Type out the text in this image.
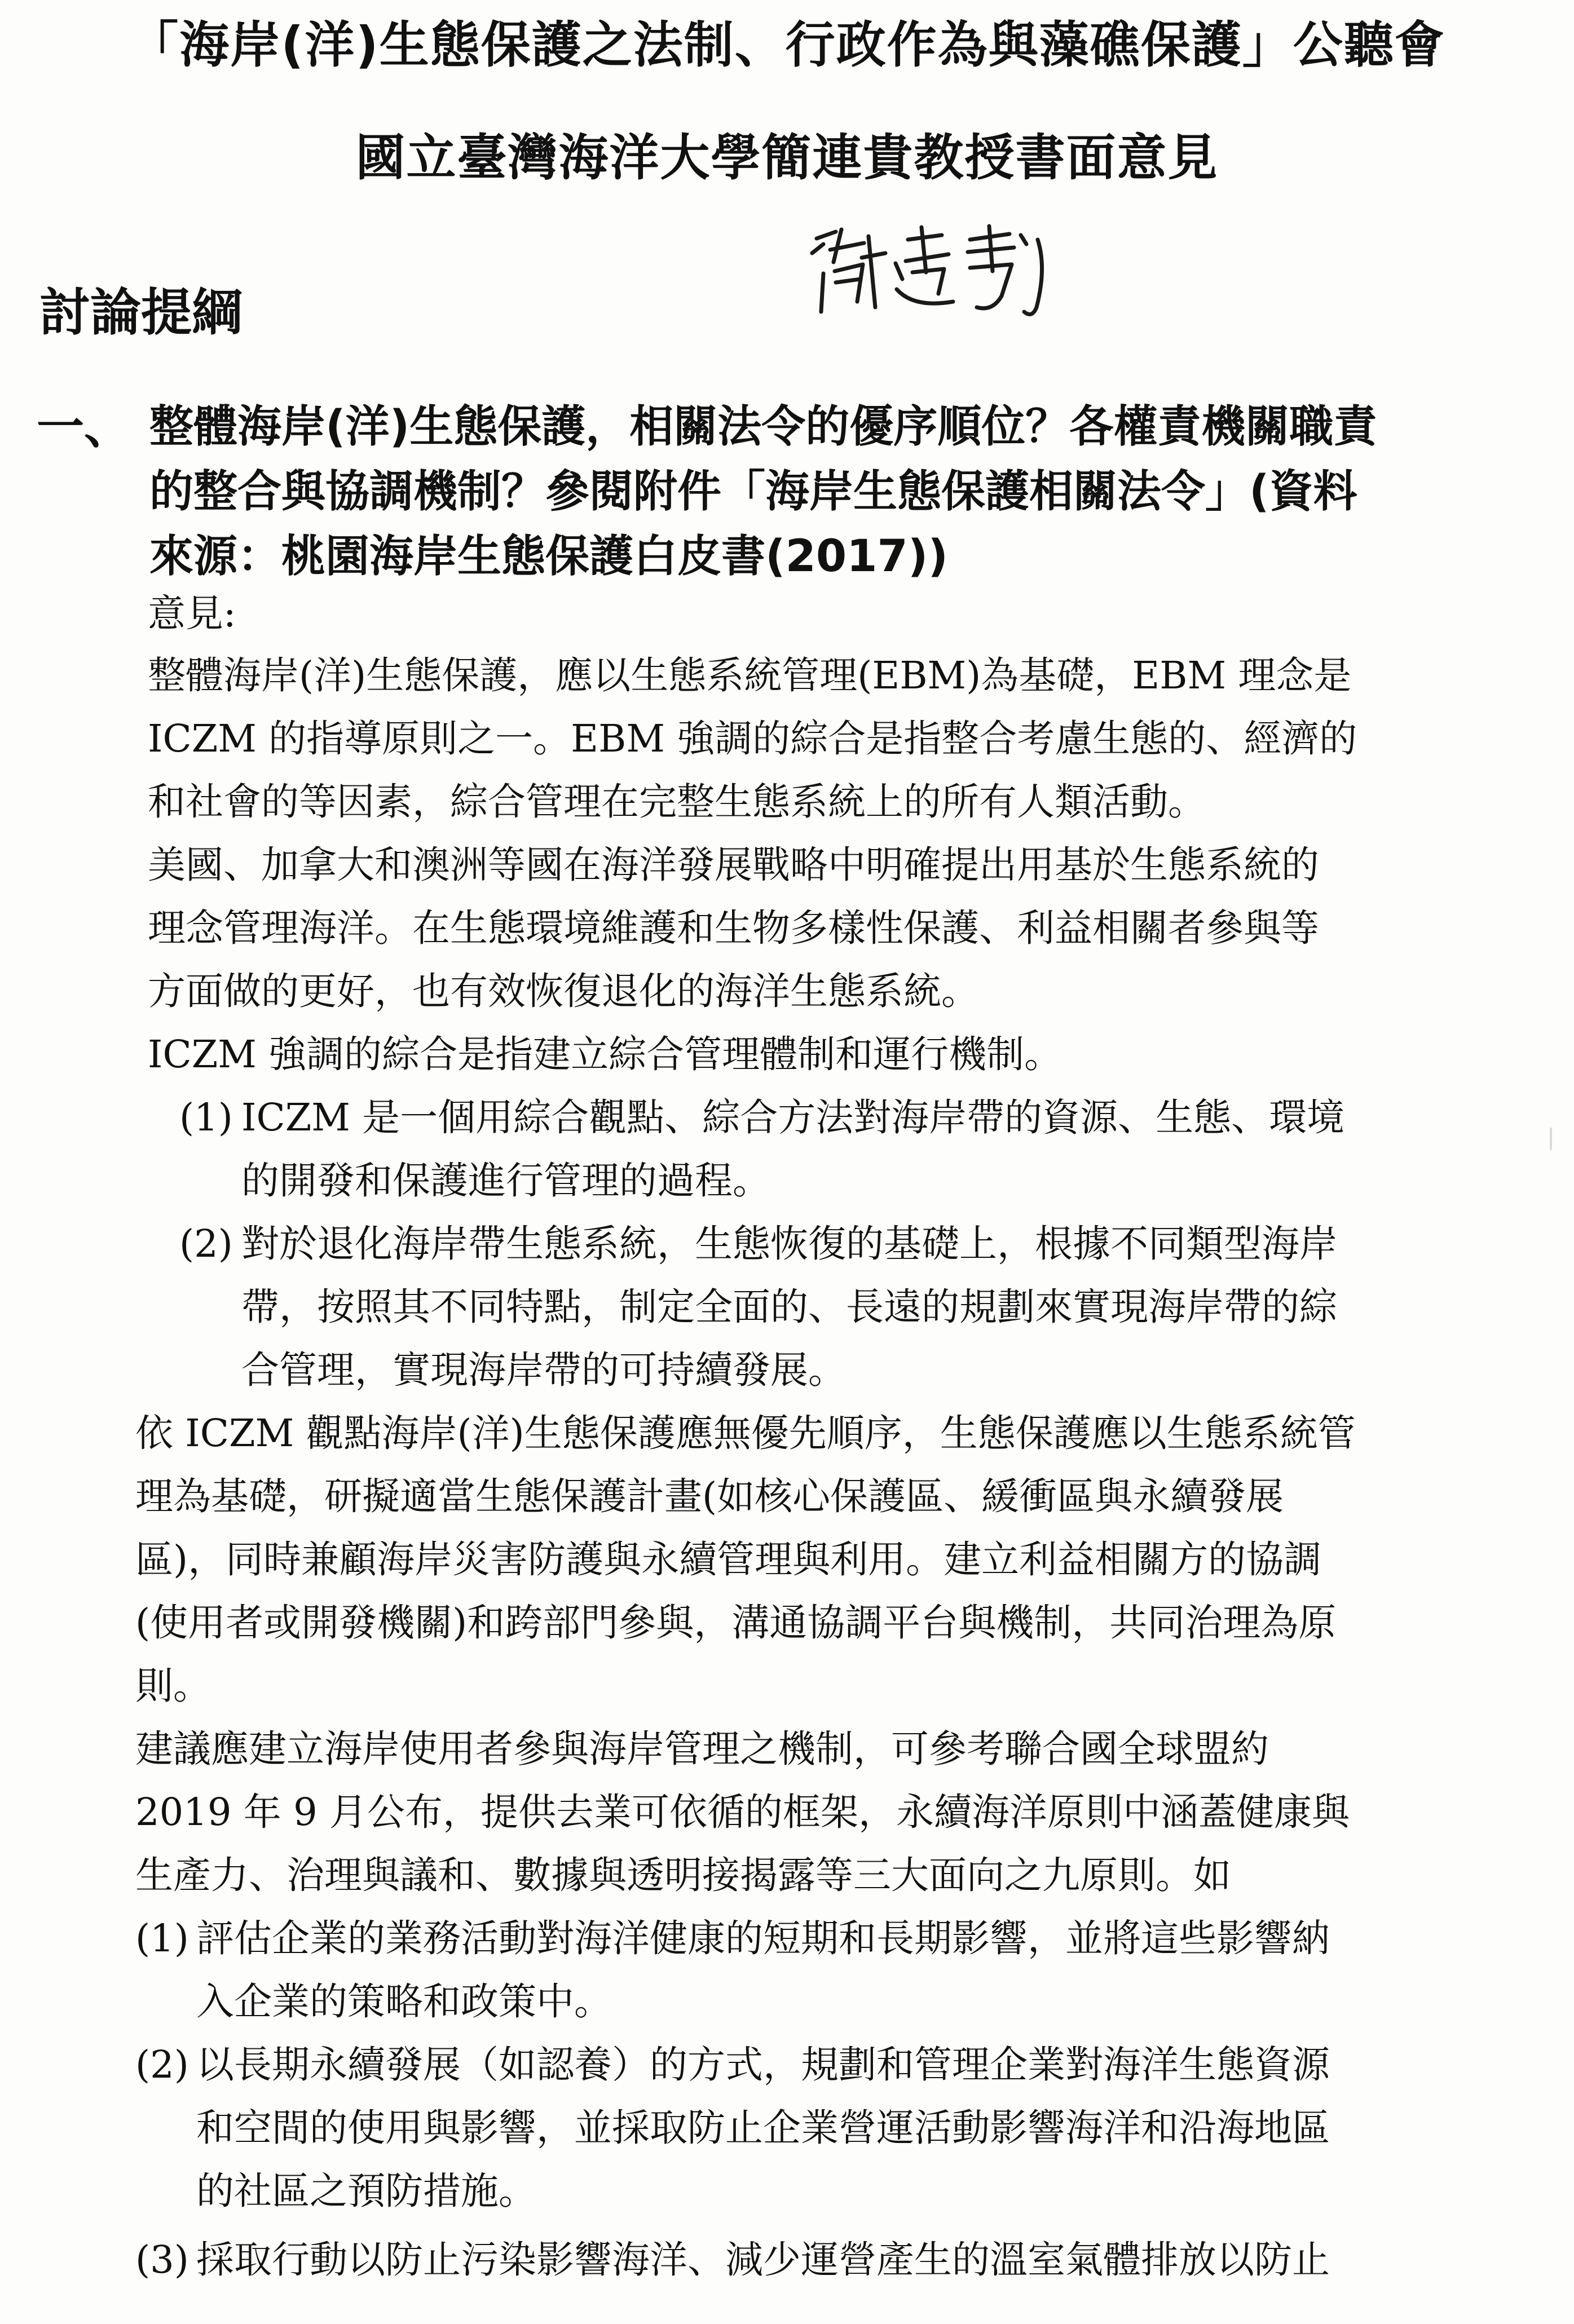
「海岸(洋)生態保護之法制、行政作為與藻礁保護」公聽會
國立臺灣海洋大學簡連貴教授書面意見
討論提綱
一、 整體海岸(洋)生態保護，相關法令的優序順位？各權責機關職責
的整合與協調機制？參閱附件「海岸生態保護相關法令」(資料
來源：桃園海岸生態保護白皮書(2017))
意見:
整體海岸(洋)生態保護，應以生態系統管理(EBM)為基礎，EBM 理念是
ICZM 的指導原則之一。EBM 強調的綜合是指整合考慮生態的、經濟的
和社會的等因素，綜合管理在完整生態系統上的所有人類活動。
美國、加拿大和澳洲等國在海洋發展戰略中明確提出用基於生態系統的
理念管理海洋。在生態環境維護和生物多樣性保護、利益相關者參與等
方面做的更好，也有效恢復退化的海洋生態系統。
ICZM 強調的綜合是指建立綜合管理體制和運行機制。
(1) ICZM 是一個用綜合觀點、綜合方法對海岸帶的資源、生態、環境
的開發和保護進行管理的過程。
(2) 對於退化海岸帶生態系統，生態恢復的基礎上，根據不同類型海岸
帶，按照其不同特點，制定全面的、長遠的規劃來實現海岸帶的綜
合管理，實現海岸帶的可持續發展。
依 ICZM 觀點海岸(洋)生態保護應無優先順序，生態保護應以生態系統管
理為基礎，研擬適當生態保護計畫(如核心保護區、緩衝區與永續發展
區)，同時兼顧海岸災害防護與永續管理與利用。建立利益相關方的協調
(使用者或開發機關)和跨部門參與，溝通協調平台與機制，共同治理為原
則。
建議應建立海岸使用者參與海岸管理之機制，可參考聯合國全球盟約
2019 年 9 月公布，提供去業可依循的框架，永續海洋原則中涵蓋健康與
生產力、治理與議和、數據與透明接揭露等三大面向之九原則。如
(1) 評估企業的業務活動對海洋健康的短期和長期影響，並將這些影響納
入企業的策略和政策中。
(2) 以長期永續發展（如認養）的方式，規劃和管理企業對海洋生態資源
和空間的使用與影響，並採取防止企業營運活動影響海洋和沿海地區
的社區之預防措施。
(3) 採取行動以防止污染影響海洋、減少運營產生的溫室氣體排放以防止
